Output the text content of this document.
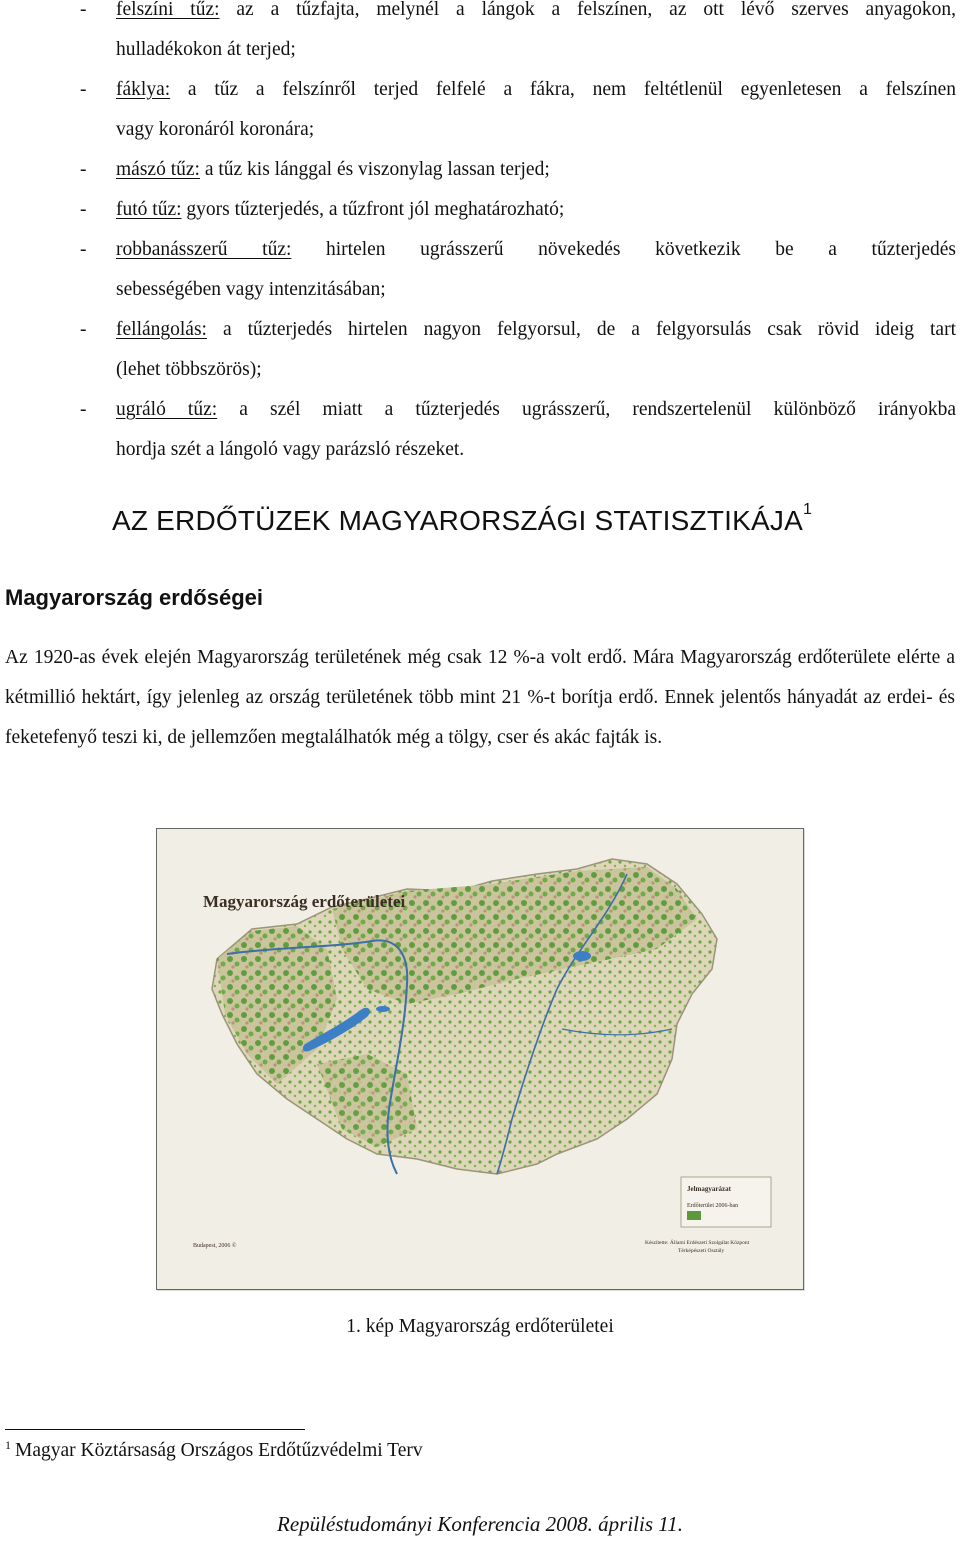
- felszíni tűz: az a tűzfajta, melynél a lángok a felszínen, az ott lévő szerves anyagokon,
hulladékokon át terjed;
- fáklya: a tűz a felszínről terjed felfelé a fákra, nem feltétlenül egyenletesen a felszínen
vagy koronáról koronára;
- mászó tűz: a tűz kis lánggal és viszonylag lassan terjed;
- futó tűz: gyors tűzterjedés, a tűzfront jól meghatározható;
- robbanásszerű tűz: hirtelen ugrásszerű növekedés következik be a tűzterjedés
sebességében vagy intenzitásában;
- fellángolás: a tűzterjedés hirtelen nagyon felgyorsul, de a felgyorsulás csak rövid ideig tart
(lehet többszörös);
- ugráló tűz: a szél miatt a tűzterjedés ugrásszerű, rendszertelenül különböző irányokba
hordja szét a lángoló vagy parázsló részeket.
AZ ERDŐTÜZEK MAGYARORSZÁGI STATISZTIKÁJA$^1$
Magyarország erdőségei
Az 1920-as évek elején Magyarország területének még csak 12 %-a volt erdő. Mára Magyarország erdőterülete elérte a kétmillió hektárt, így jelenleg az ország területének több mint 21 %-t borítja erdő. Ennek jelentős hányadát az erdei- és feketefenyő teszi ki, de jellemzően megtalálhatók még a tölgy, cser és akác fajták is.
Magyarország erdőterületei
Jelmagyarázat
Erdőterület 2006-ban
Budapest, 2006 ©	Készítette: Állami Erdészeti Szolgálat Központ
Térképészeti Osztály
1. kép Magyarország erdőterületei
$^1$ Magyar Köztársaság Országos Erdőtűzvédelmi Terv
Repüléstudományi Konferencia 2008. április 11.
